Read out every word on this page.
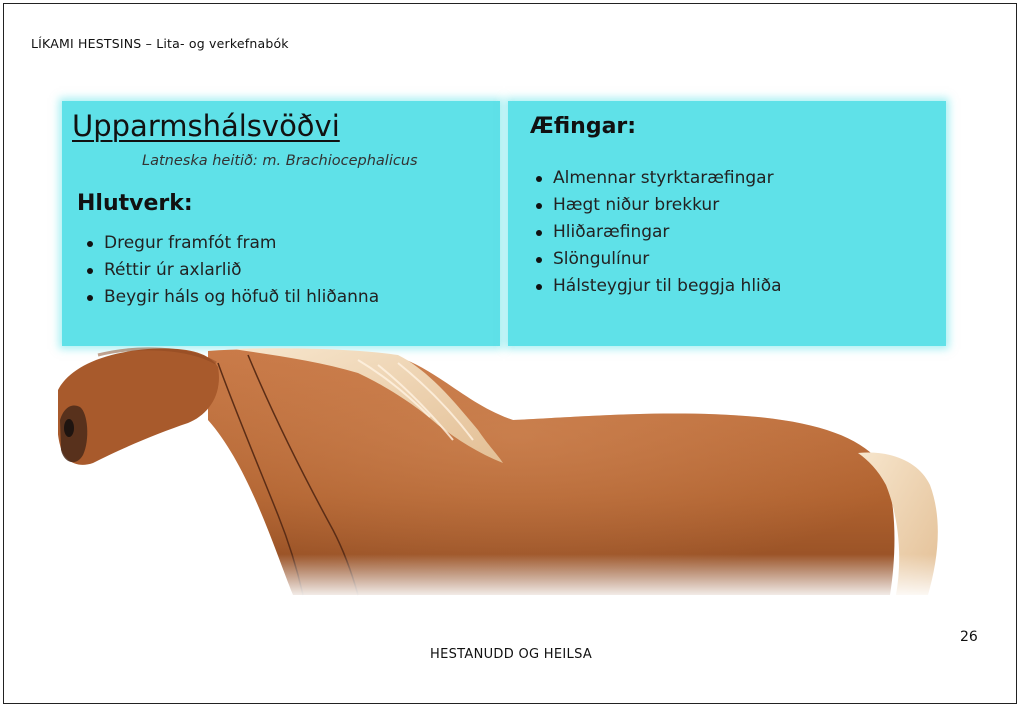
LÍKAMI HESTSINS – Lita- og verkefnabók
Upparmshálsvöðvi
Latneska heitið: m. Brachiocephalicus
Hlutverk:
Dregur framfót fram
Réttir úr axlarlið
Beygir háls og höfuð til hliðanna
Æfingar:
Almennar styrktaræfingar
Hægt niður brekkur
Hliðaræfingar
Slöngulínur
Hálsteygjur til beggja hliða
HESTANUDD OG HEILSA
26
